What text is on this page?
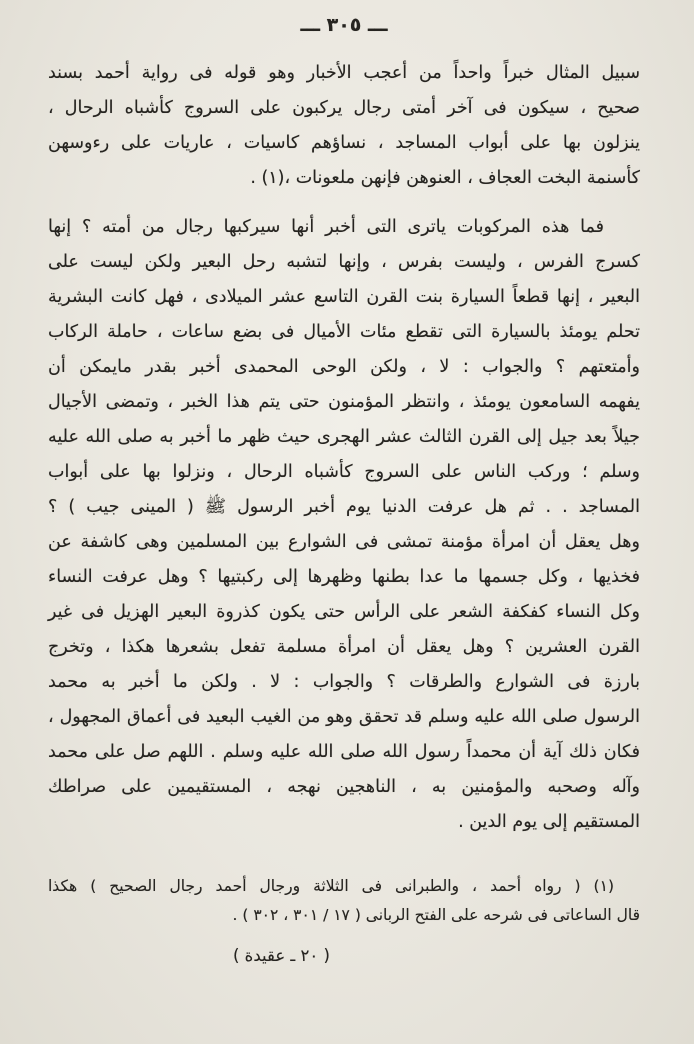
ـــ ٣٠٥ ـــ
سبيل المثال خبراً واحداً من أعجب الأخبار وهو قوله فى رواية أحمد بسند
صحيح ، سيكون فى آخر أمتى رجال يركبون على السروج كأشباه الرحال ،
ينزلون بها على أبواب المساجد ، نساؤهم كاسيات ، عاريات على رءوسهن
كأسنمة البخت العجاف ، العنوهن فإنهن ملعونات ،(١) .
فما هذه المركوبات ياترى التى أخبر أنها سيركبها رجال من أمته ؟ إنها
كسرج الفرس ، وليست بفرس ، وإنها لتشبه رحل البعير ولكن ليست على
البعير ، إنها قطعاً السيارة بنت القرن التاسع عشر الميلادى ، فهل كانت البشرية
تحلم يومئذ بالسيارة التى تقطع مئات الأميال فى بضع ساعات ، حاملة الركاب
وأمتعتهم ؟ والجواب : لا ، ولكن الوحى المحمدى أخبر بقدر مايمكن أن
يفهمه السامعون يومئذ ، وانتظر المؤمنون حتى يتم هذا الخبر ، وتمضى الأجيال
جيلاً بعد جيل إلى القرن الثالث عشر الهجرى حيث ظهر ما أخبر به صلى الله عليه
وسلم ؛ وركب الناس على السروج كأشباه الرحال ، ونزلوا بها على أبواب
المساجد . . ثم هل عرفت الدنيا يوم أخبر الرسول ﷺ ( المينى جيب ) ؟
وهل يعقل أن امرأة مؤمنة تمشى فى الشوارع بين المسلمين وهى كاشفة عن
فخذيها ، وكل جسمها ما عدا بطنها وظهرها إلى ركبتيها ؟ وهل عرفت النساء
وكل النساء كفكفة الشعر على الرأس حتى يكون كذروة البعير الهزيل فى غير
القرن العشرين ؟ وهل يعقل أن امرأة مسلمة تفعل بشعرها هكذا ، وتخرج
بارزة فى الشوارع والطرقات ؟ والجواب : لا . ولكن ما أخبر به محمد
الرسول صلى الله عليه وسلم قد تحقق وهو من الغيب البعيد فى أعماق المجهول ،
فكان ذلك آية أن محمداً رسول الله صلى الله عليه وسلم . اللهم صل على محمد
وآله وصحبه والمؤمنين به ، الناهجين نهجه ، المستقيمين على صراطك
المستقيم إلى يوم الدين .
(١) ( رواه أحمد ، والطبرانى فى الثلاثة ورجال أحمد رجال الصحيح ) هكذا
قال الساعاتى فى شرحه على الفتح الربانى ( ١٧ / ٣٠١ ، ٣٠٢ ) .
( ٢٠ ـ عقيدة )
